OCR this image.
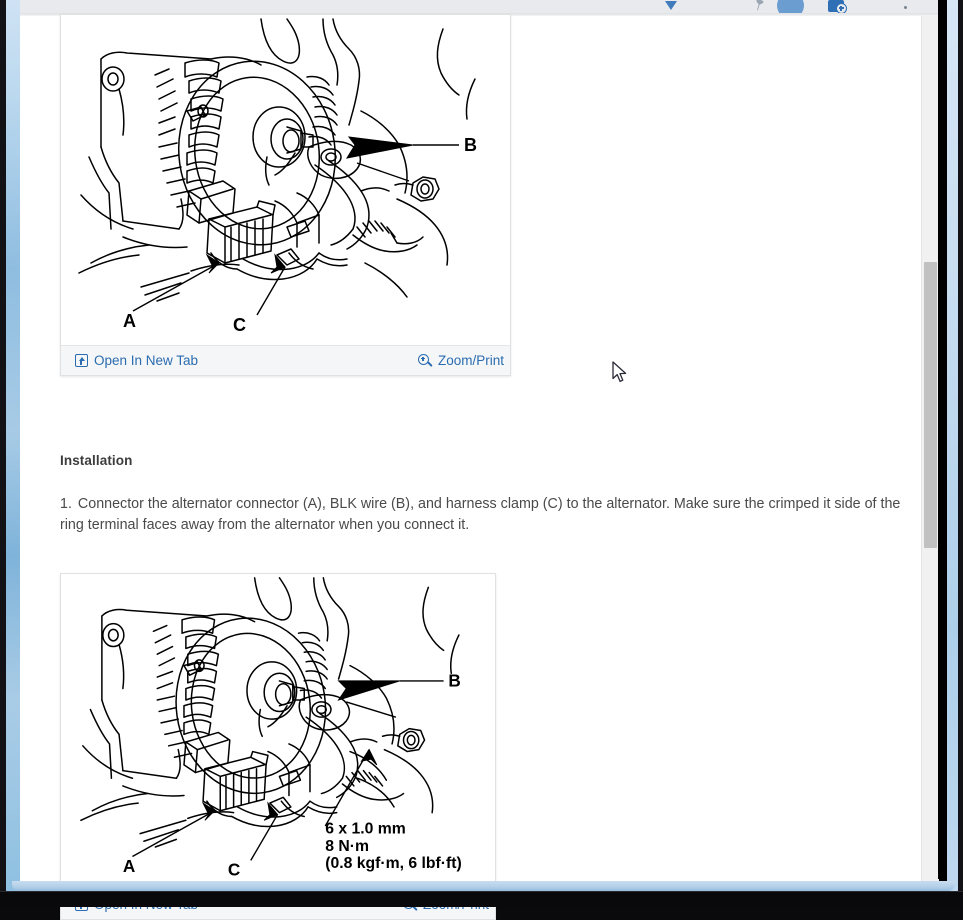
B
A	C
Open In New Tab	Zoom/Print
Installation
1. Connector the alternator connector (A), BLK wire (B), and harness clamp (C) to the alternator. Make sure the crimped it side of the ring terminal faces away from the alternator when you connect it.
B
A	C
6 x 1.0 mm
8 N·m
(0.8 kgf·m, 6 lbf·ft)
